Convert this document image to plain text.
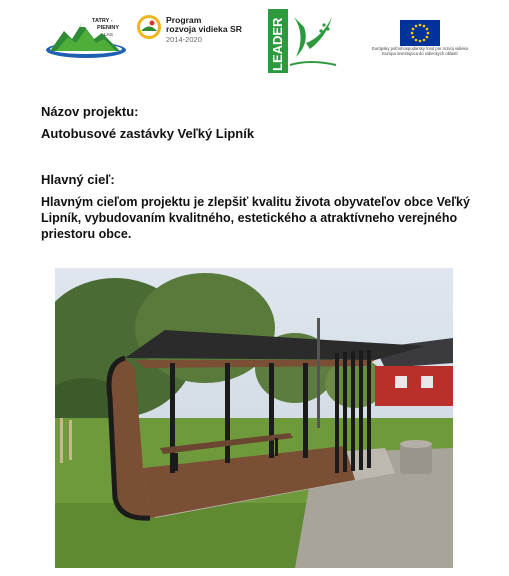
TATRY -
PIENINY
LAG
Program
rozvoja vidieka SR
2014-2020	LEADER	Európsky poľnohospodársky fond pre rozvoj vidieka
Európa investujúca do vidieckych oblastí
Názov projektu:
Autobusové zastávky Veľký Lipník
Hlavný cieľ:
Hlavným cieľom projektu je zlepšiť kvalitu života obyvateľov obce Veľký Lipník, vybudovaním kvalitného, estetického a atraktívneho verejného priestoru obce.
